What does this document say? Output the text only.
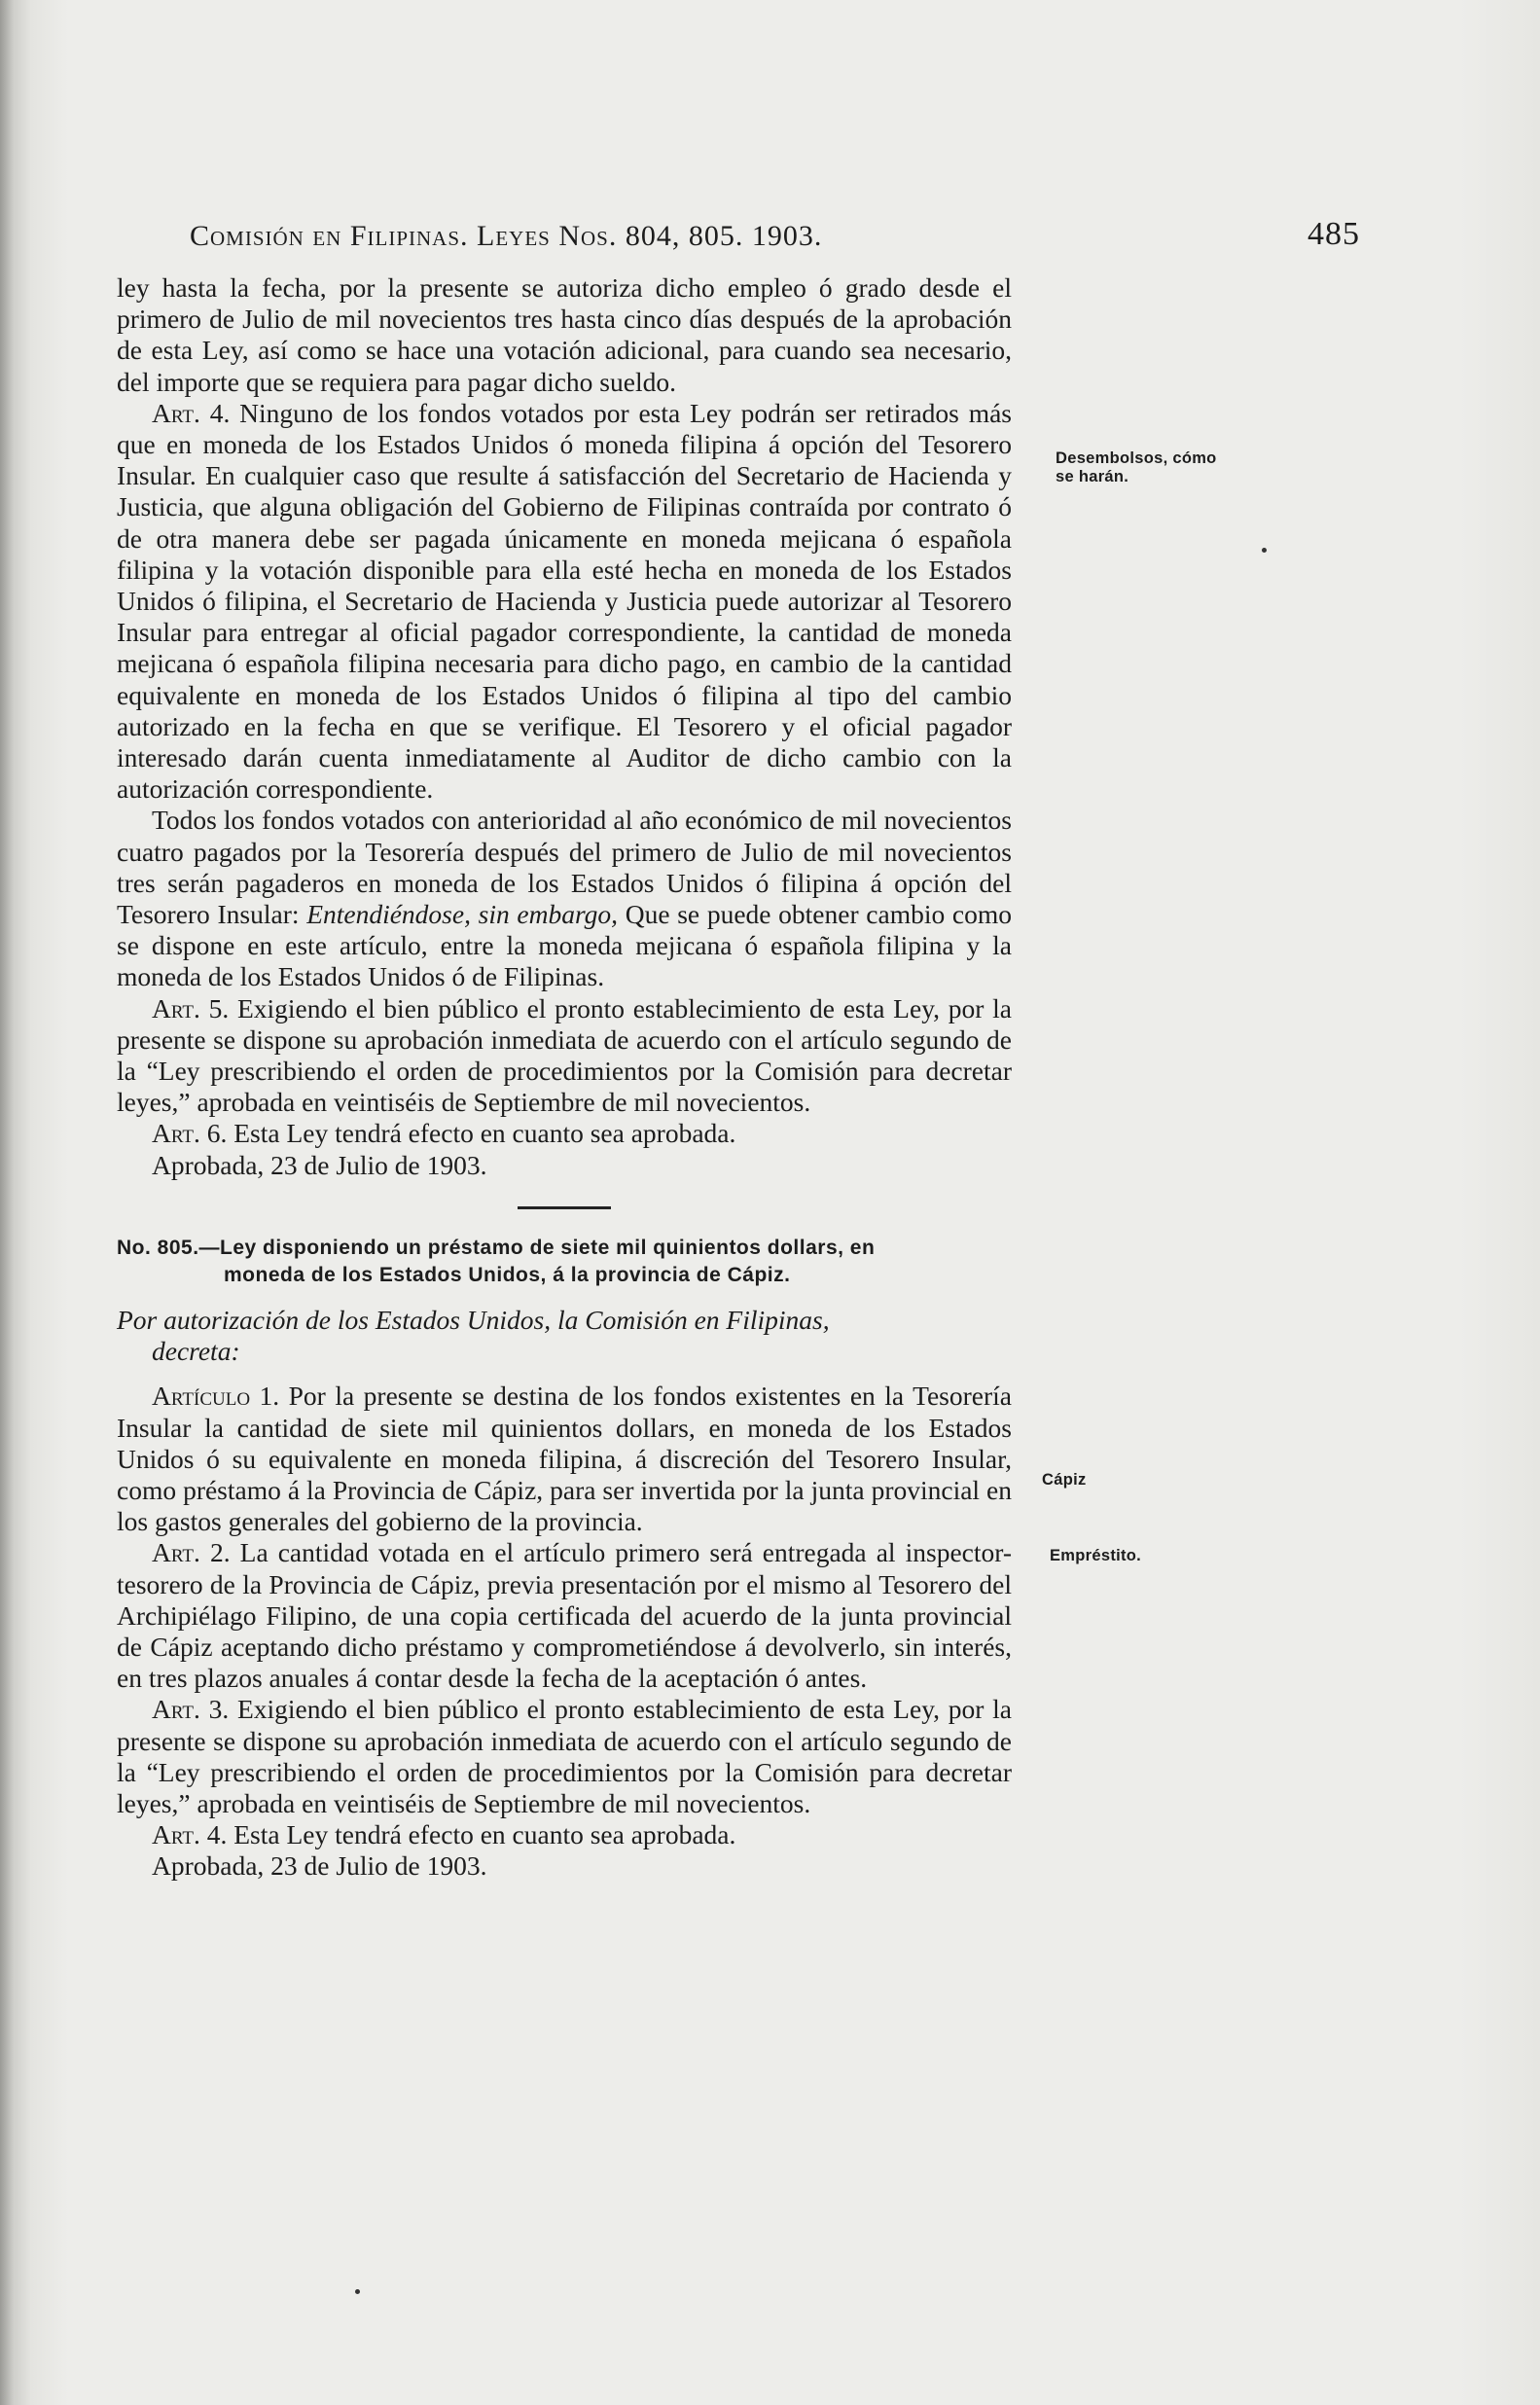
Comisión en Filipinas. Leyes Nos. 804, 805. 1903.	485

ley hasta la fecha, por la presente se autoriza dicho empleo ó grado desde el primero de Julio de mil novecientos tres hasta cinco días después de la aprobación de esta Ley, así como se hace una votación adicional, para cuando sea necesario, del importe que se requiera para pagar dicho sueldo.

Art. 4. Ninguno de los fondos votados por esta Ley podrán ser retirados más que en moneda de los Estados Unidos ó moneda filipina á opción del Tesorero Insular. En cualquier caso que resulte á satisfacción del Secretario de Hacienda y Justicia, que alguna obligación del Gobierno de Filipinas contraída por contrato ó de otra manera debe ser pagada únicamente en moneda mejicana ó española filipina y la votación disponible para ella esté hecha en moneda de los Estados Unidos ó filipina, el Secretario de Hacienda y Justicia puede autorizar al Tesorero Insular para entregar al oficial pagador correspondiente, la cantidad de moneda mejicana ó española filipina necesaria para dicho pago, en cambio de la cantidad equivalente en moneda de los Estados Unidos ó filipina al tipo del cambio autorizado en la fecha en que se verifique. El Tesorero y el oficial pagador interesado darán cuenta inmediatamente al Auditor de dicho cambio con la autorización correspondiente.

Todos los fondos votados con anterioridad al año económico de mil novecientos cuatro pagados por la Tesorería después del primero de Julio de mil novecientos tres serán pagaderos en moneda de los Estados Unidos ó filipina á opción del Tesorero Insular: Entendiéndose, sin embargo, Que se puede obtener cambio como se dispone en este artículo, entre la moneda mejicana ó española filipina y la moneda de los Estados Unidos ó de Filipinas.

Art. 5. Exigiendo el bien público el pronto establecimiento de esta Ley, por la presente se dispone su aprobación inmediata de acuerdo con el artículo segundo de la “Ley prescribiendo el orden de procedimientos por la Comisión para decretar leyes,” aprobada en veintiséis de Septiembre de mil novecientos.

Art. 6. Esta Ley tendrá efecto en cuanto sea aprobada.

Aprobada, 23 de Julio de 1903.

No. 805.—Ley disponiendo un préstamo de siete mil quinientos dollars, en
moneda de los Estados Unidos, á la provincia de Cápiz.
Por autorización de los Estados Unidos, la Comisión en Filipinas,
decreta:

Artículo 1. Por la presente se destina de los fondos existentes en la Tesorería Insular la cantidad de siete mil quinientos dollars, en moneda de los Estados Unidos ó su equivalente en moneda filipina, á discreción del Tesorero Insular, como préstamo á la Provincia de Cápiz, para ser invertida por la junta provincial en los gastos generales del gobierno de la provincia.

Art. 2. La cantidad votada en el artículo primero será entregada al inspector-tesorero de la Provincia de Cápiz, previa presentación por el mismo al Tesorero del Archipiélago Filipino, de una copia certificada del acuerdo de la junta provincial de Cápiz aceptando dicho préstamo y comprometiéndose á devolverlo, sin interés, en tres plazos anuales á contar desde la fecha de la aceptación ó antes.

Art. 3. Exigiendo el bien público el pronto establecimiento de esta Ley, por la presente se dispone su aprobación inmediata de acuerdo con el artículo segundo de la “Ley prescribiendo el orden de procedimientos por la Comisión para decretar leyes,” aprobada en veintiséis de Septiembre de mil novecientos.

Art. 4. Esta Ley tendrá efecto en cuanto sea aprobada.

Aprobada, 23 de Julio de 1903.

Desembolsos, cómo
se harán.
Cápiz
Empréstito.
